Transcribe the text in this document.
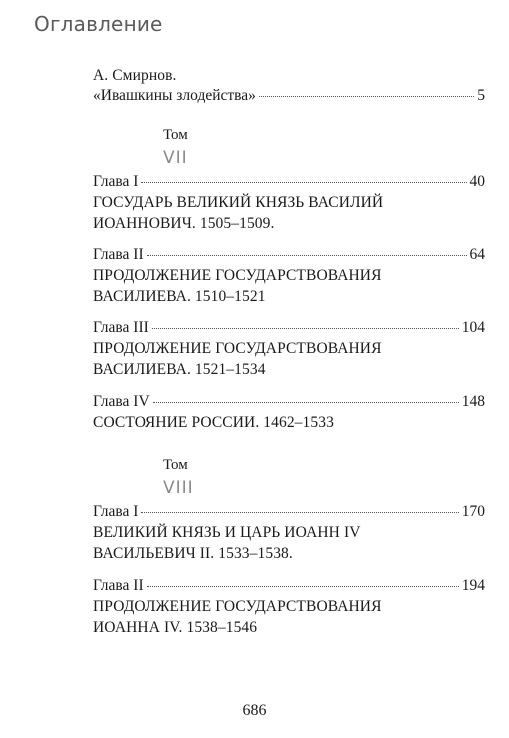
Оглавление
А. Смирнов.
«Ивашкины злодейства»	5
Том
VII
Глава I	40
ГОСУДАРЬ ВЕЛИКИЙ КНЯЗЬ ВАСИЛИЙ
ИОАННОВИЧ. 1505–1509.
Глава II	64
ПРОДОЛЖЕНИЕ ГОСУДАРСТВОВАНИЯ
ВАСИЛИЕВА. 1510–1521
Глава III	104
ПРОДОЛЖЕНИЕ ГОСУДАРСТВОВАНИЯ
ВАСИЛИЕВА. 1521–1534
Глава IV	148
СОСТОЯНИЕ РОССИИ. 1462–1533
Том
VIII
Глава I	170
ВЕЛИКИЙ КНЯЗЬ И ЦАРЬ ИОАНН IV
ВАСИЛЬЕВИЧ II. 1533–1538.
Глава II	194
ПРОДОЛЖЕНИЕ ГОСУДАРСТВОВАНИЯ
ИОАННА IV. 1538–1546
686
